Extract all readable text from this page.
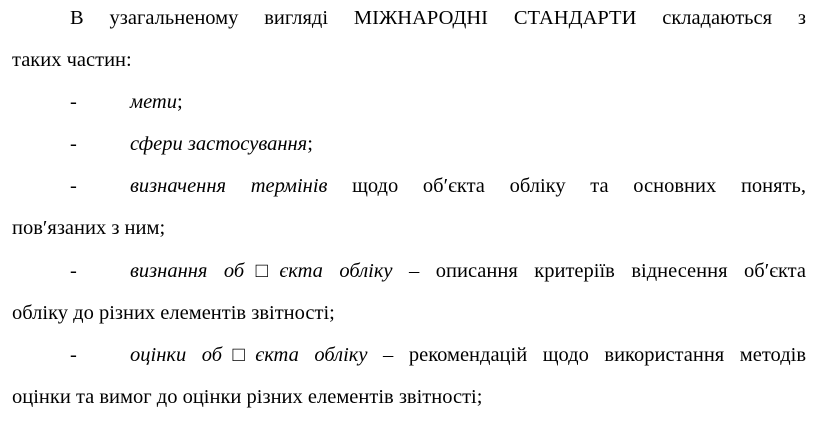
В узагальненому вигляді МІЖНАРОДНІ СТАНДАРТИ складаються з
таких частин:
-	мети;
-	сфери застосування;
-	визначення термінів щодо об′єкта обліку та основних понять,
пов′язаних з ним;
-	визнання об□єкта обліку – описання критеріїв віднесення об′єкта
обліку до різних елементів звітності;
-	оцінки об□єкта обліку – рекомендацій щодо використання методів
оцінки та вимог до оцінки різних елементів звітності;
